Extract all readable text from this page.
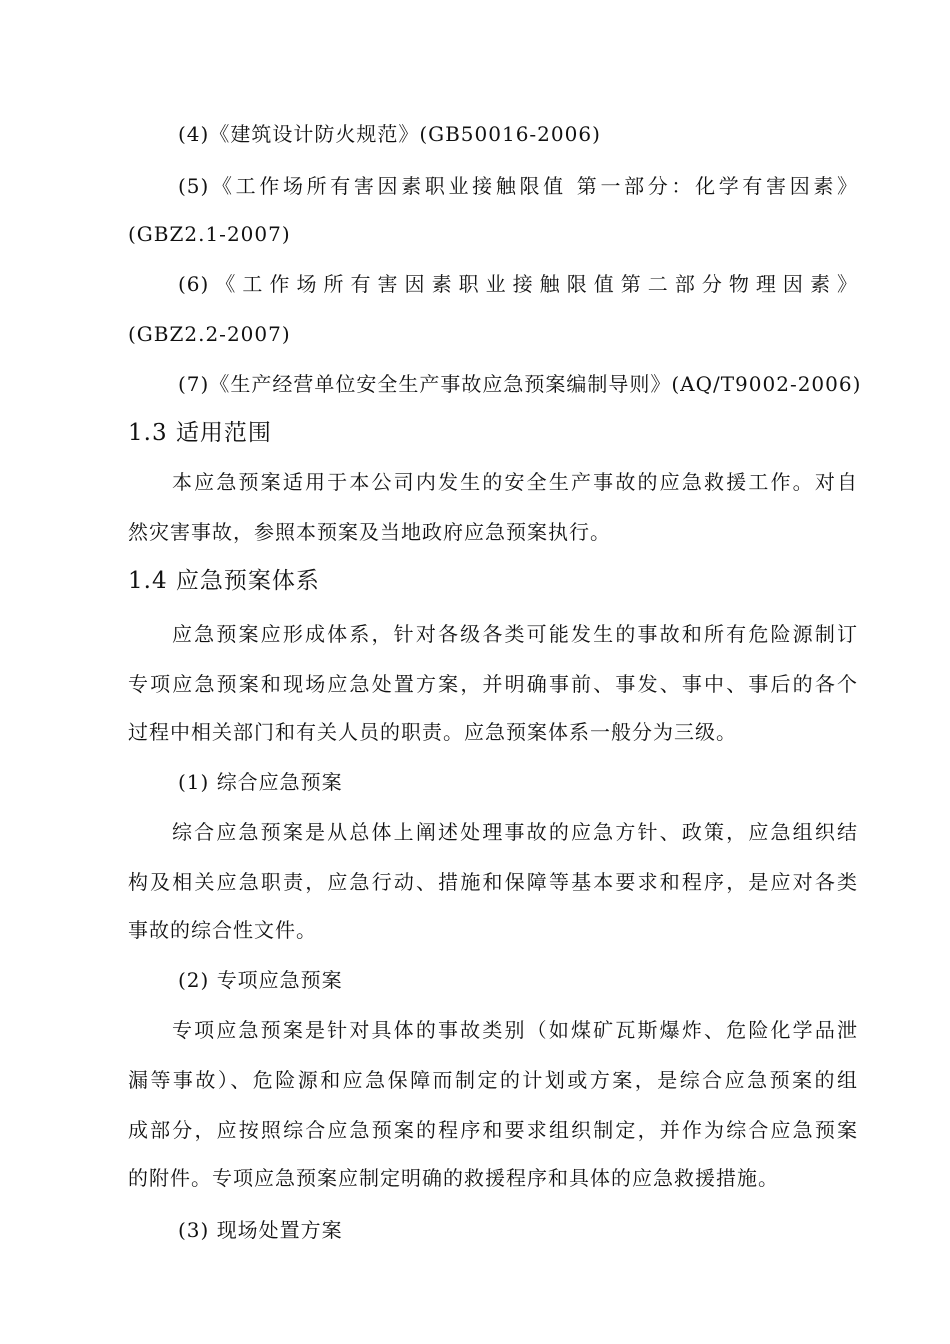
(4)《建筑设计防火规范》(GB50016-2006)
(5)《工作场所有害因素职业接触限值 第一部分：化学有害因素》
(GBZ2.1-2007)
(6)《工作场所有害因素职业接触限值第二部分物理因素》
(GBZ2.2-2007)
(7)《生产经营单位安全生产事故应急预案编制导则》(AQ/T9002-2006)
1.3 适用范围
本应急预案适用于本公司内发生的安全生产事故的应急救援工作。对自
然灾害事故，参照本预案及当地政府应急预案执行。
1.4 应急预案体系
应急预案应形成体系，针对各级各类可能发生的事故和所有危险源制订
专项应急预案和现场应急处置方案，并明确事前、事发、事中、事后的各个
过程中相关部门和有关人员的职责。应急预案体系一般分为三级。
(1) 综合应急预案
综合应急预案是从总体上阐述处理事故的应急方针、政策，应急组织结
构及相关应急职责，应急行动、措施和保障等基本要求和程序，是应对各类
事故的综合性文件。
(2) 专项应急预案
专项应急预案是针对具体的事故类别（如煤矿瓦斯爆炸、危险化学品泄
漏等事故）、危险源和应急保障而制定的计划或方案，是综合应急预案的组
成部分，应按照综合应急预案的程序和要求组织制定，并作为综合应急预案
的附件。专项应急预案应制定明确的救援程序和具体的应急救援措施。
(3) 现场处置方案
